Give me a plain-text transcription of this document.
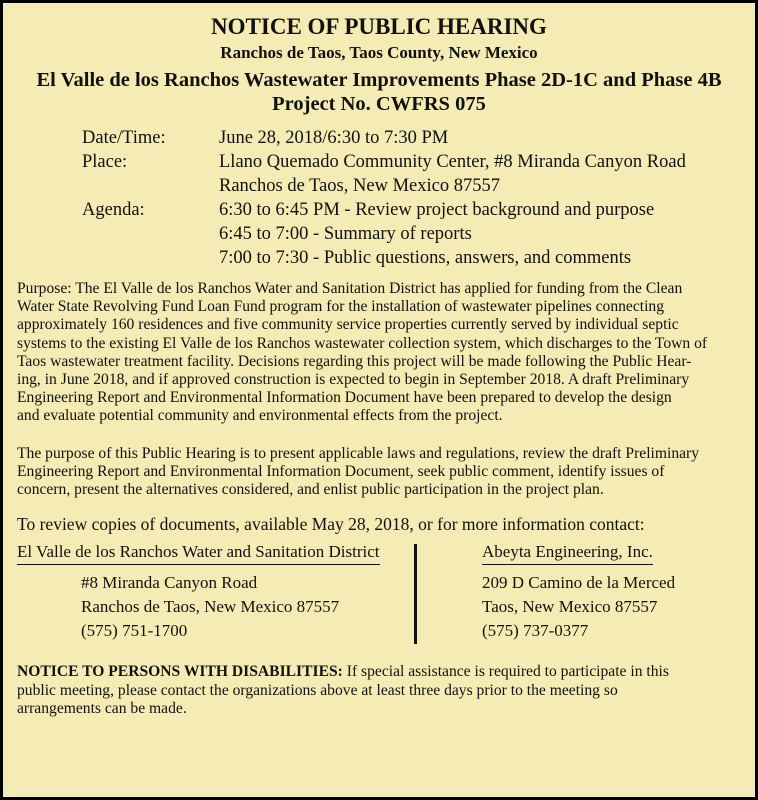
NOTICE OF PUBLIC HEARING
Ranchos de Taos, Taos County, New Mexico
El Valle de los Ranchos Wastewater Improvements Phase 2D-1C and Phase 4B
Project No. CWFRS 075
Date/Time:	June 28, 2018/6:30 to 7:30 PM
Place:	Llano Quemado Community Center, #8 Miranda Canyon Road
Ranchos de Taos, New Mexico 87557
Agenda:	6:30 to 6:45 PM - Review project background and purpose
6:45 to 7:00 - Summary of reports
7:00 to 7:30 - Public questions, answers, and comments
Purpose: The El Valle de los Ranchos Water and Sanitation District has applied for funding from the Clean
Water State Revolving Fund Loan Fund program for the installation of wastewater pipelines connecting
approximately 160 residences and five community service properties currently served by individual septic
systems to the existing El Valle de los Ranchos wastewater collection system, which discharges to the Town of
Taos wastewater treatment facility. Decisions regarding this project will be made following the Public Hear-
ing, in June 2018, and if approved construction is expected to begin in September 2018. A draft Preliminary
Engineering Report and Environmental Information Document have been prepared to develop the design
and evaluate potential community and environmental effects from the project.
The purpose of this Public Hearing is to present applicable laws and regulations, review the draft Preliminary
Engineering Report and Environmental Information Document, seek public comment, identify issues of
concern, present the alternatives considered, and enlist public participation in the project plan.
To review copies of documents, available May 28, 2018, or for more information contact:
El Valle de los Ranchos Water and Sanitation District
#8 Miranda Canyon Road
Ranchos de Taos, New Mexico 87557
(575) 751-1700
Abeyta Engineering, Inc.
209 D Camino de la Merced
Taos, New Mexico 87557
(575) 737-0377
NOTICE TO PERSONS WITH DISABILITIES: If special assistance is required to participate in this
public meeting, please contact the organizations above at least three days prior to the meeting so
arrangements can be made.
